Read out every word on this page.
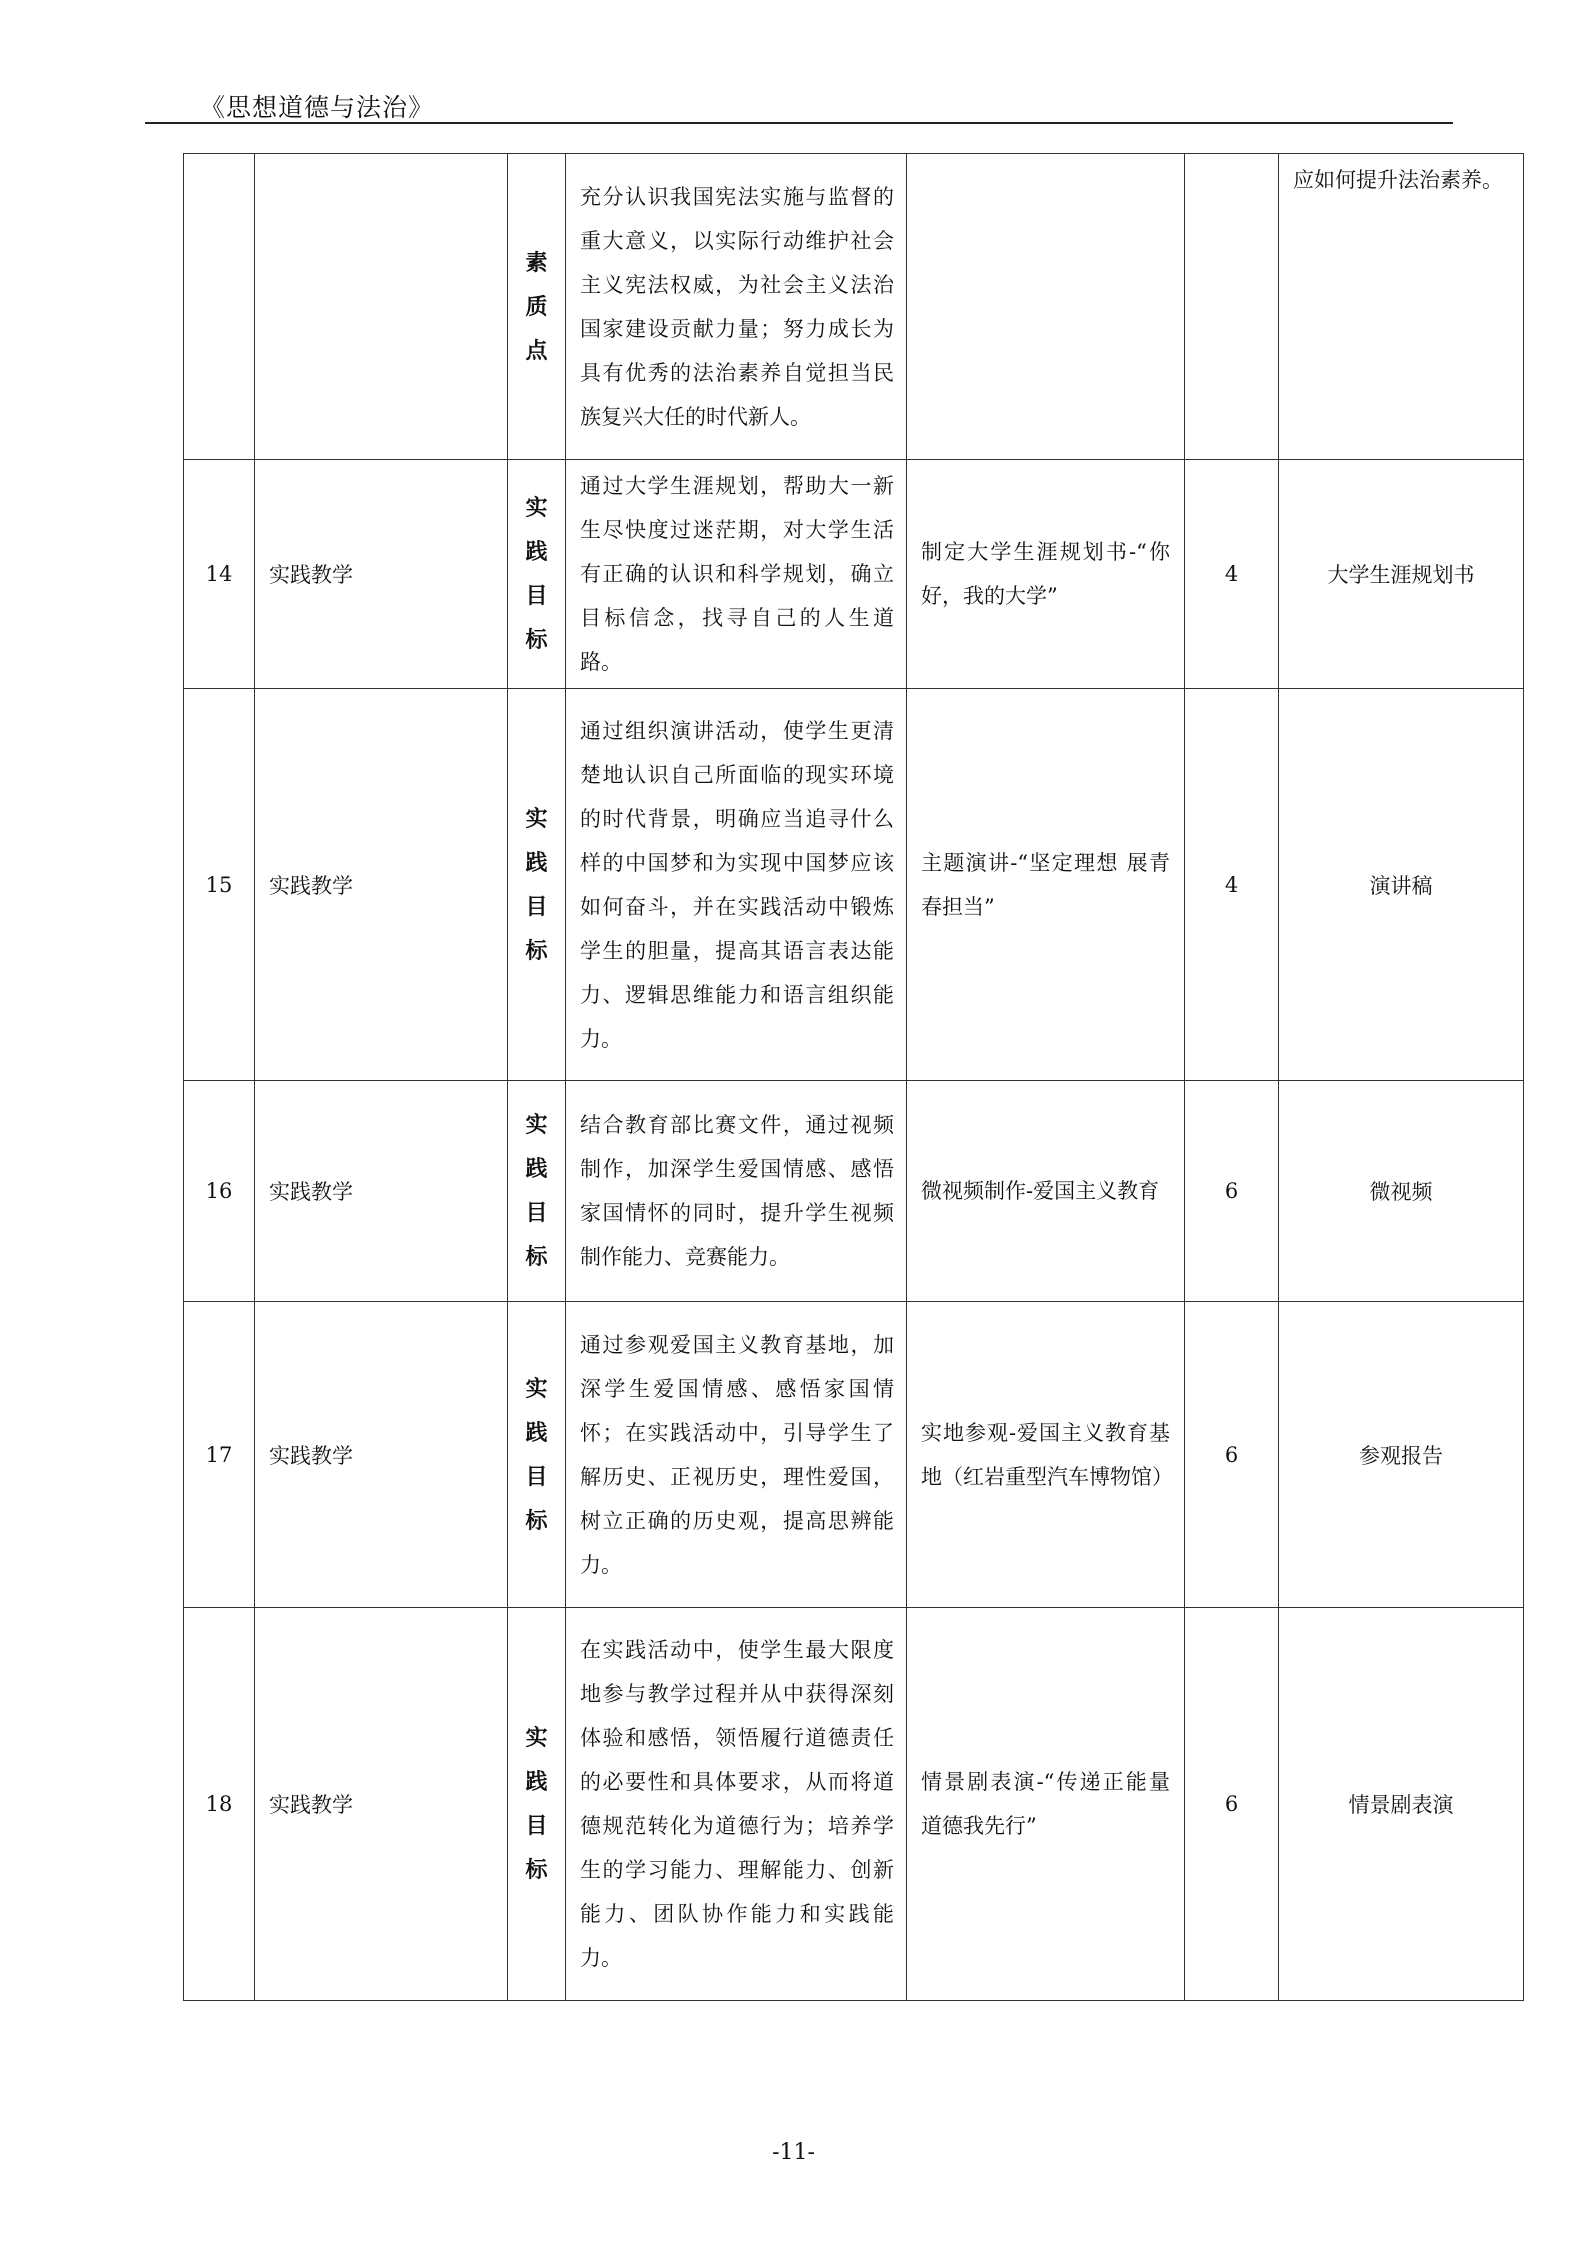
《思想道德与法治》
		素质点	充分认识我国宪法实施与监督的重大意义，以实际行动维护社会主义宪法权威，为社会主义法治国家建设贡献力量；努力成长为具有优秀的法治素养自觉担当民族复兴大任的时代新人。			应如何提升法治素养。
14	实践教学	实践目标	通过大学生涯规划，帮助大一新生尽快度过迷茫期，对大学生活有正确的认识和科学规划，确立目标信念，找寻自己的人生道路。	制定大学生涯规划书-“你好，我的大学”	4	大学生涯规划书
15	实践教学	实践目标	通过组织演讲活动，使学生更清楚地认识自己所面临的现实环境的时代背景，明确应当追寻什么样的中国梦和为实现中国梦应该如何奋斗，并在实践活动中锻炼学生的胆量，提高其语言表达能力、逻辑思维能力和语言组织能力。	主题演讲-“坚定理想 展青春担当”	4	演讲稿
16	实践教学	实践目标	结合教育部比赛文件，通过视频制作，加深学生爱国情感、感悟家国情怀的同时，提升学生视频制作能力、竞赛能力。	微视频制作-爱国主义教育	6	微视频
17	实践教学	实践目标	通过参观爱国主义教育基地，加深学生爱国情感、感悟家国情怀；在实践活动中，引导学生了解历史、正视历史，理性爱国，树立正确的历史观，提高思辨能力。	实地参观-爱国主义教育基地（红岩重型汽车博物馆）	6	参观报告
18	实践教学	实践目标	在实践活动中，使学生最大限度地参与教学过程并从中获得深刻体验和感悟，领悟履行道德责任的必要性和具体要求，从而将道德规范转化为道德行为；培养学生的学习能力、理解能力、创新能力、团队协作能力和实践能力。	情景剧表演-“传递正能量 道德我先行”	6	情景剧表演
-11-
